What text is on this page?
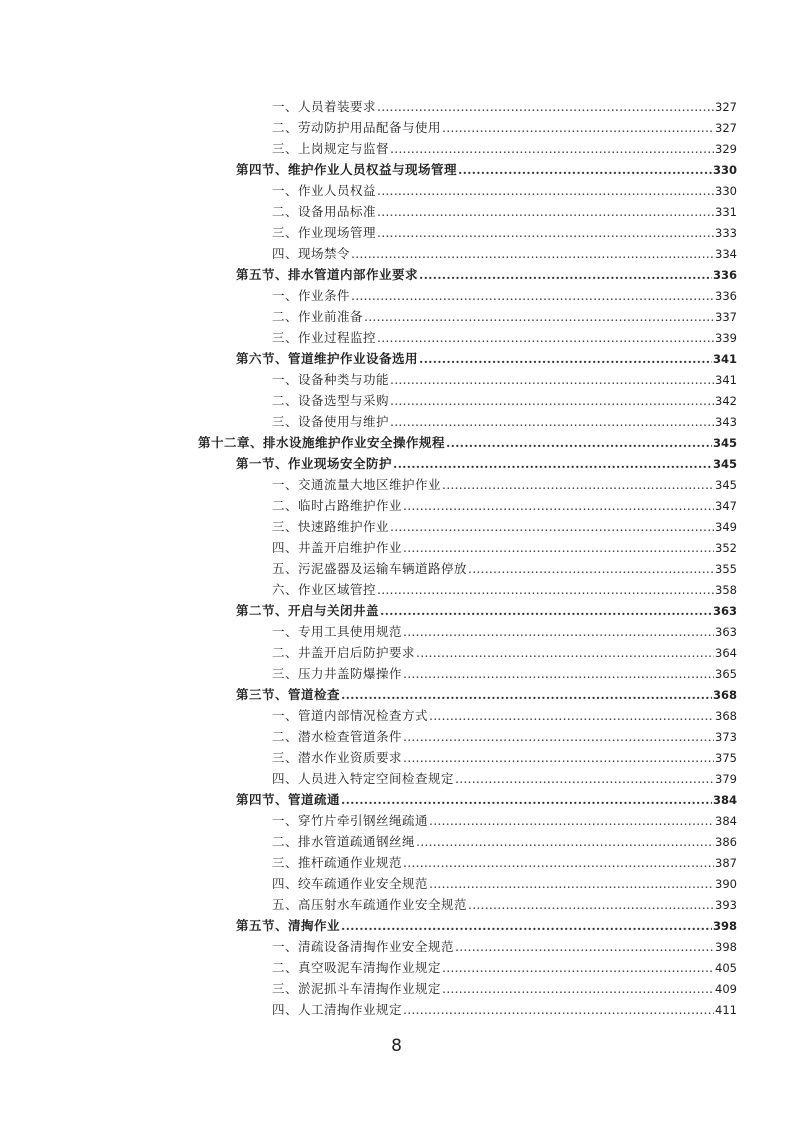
一、人员着装要求 .....	327
二、劳动防护用品配备与使用 .....	327
三、上岗规定与监督 .....	329
第四节、维护作业人员权益与现场管理 .....	330
一、作业人员权益 .....	330
二、设备用品标准 .....	331
三、作业现场管理 .....	333
四、现场禁令 .....	334
第五节、排水管道内部作业要求 .....	336
一、作业条件 .....	336
二、作业前准备 .....	337
三、作业过程监控 .....	339
第六节、管道维护作业设备选用 .....	341
一、设备种类与功能 .....	341
二、设备选型与采购 .....	342
三、设备使用与维护 .....	343
第十二章、排水设施维护作业安全操作规程 .....	345
第一节、作业现场安全防护 .....	345
一、交通流量大地区维护作业 .....	345
二、临时占路维护作业 .....	347
三、快速路维护作业 .....	349
四、井盖开启维护作业 .....	352
五、污泥盛器及运输车辆道路停放 .....	355
六、作业区域管控 .....	358
第二节、开启与关闭井盖 .....	363
一、专用工具使用规范 .....	363
二、井盖开启后防护要求 .....	364
三、压力井盖防爆操作 .....	365
第三节、管道检查 .....	368
一、管道内部情况检查方式 .....	368
二、潜水检查管道条件 .....	373
三、潜水作业资质要求 .....	375
四、人员进入特定空间检查规定 .....	379
第四节、管道疏通 .....	384
一、穿竹片牵引钢丝绳疏通 .....	384
二、排水管道疏通钢丝绳 .....	386
三、推杆疏通作业规范 .....	387
四、绞车疏通作业安全规范 .....	390
五、高压射水车疏通作业安全规范 .....	393
第五节、清掏作业 .....	398
一、清疏设备清掏作业安全规范 .....	398
二、真空吸泥车清掏作业规定 .....	405
三、淤泥抓斗车清掏作业规定 .....	409
四、人工清掏作业规定 .....	411
8
